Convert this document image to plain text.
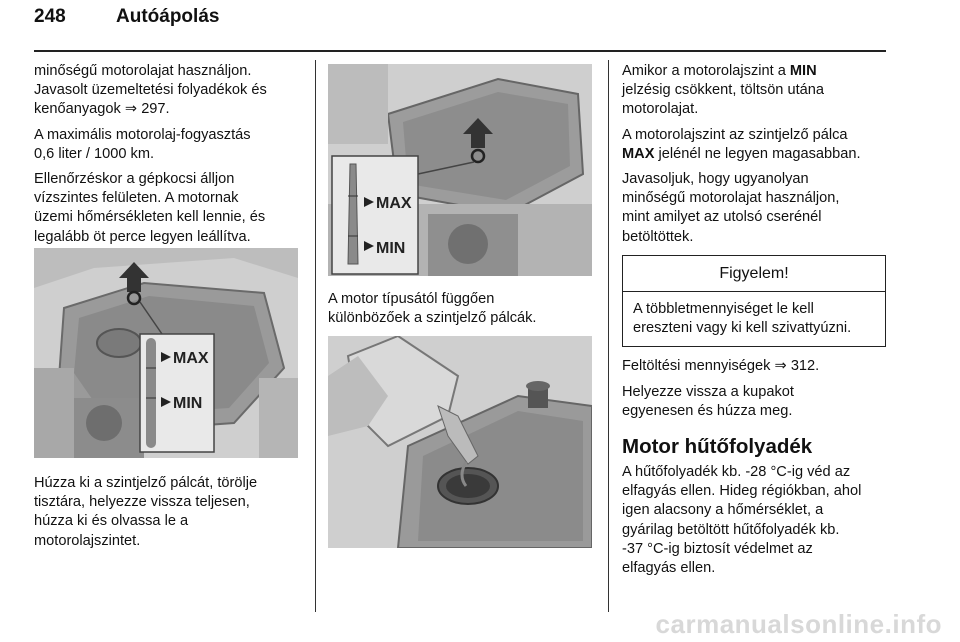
248	Autóápolás

minőségű motorolajat használjon.
Javasolt üzemeltetési folyadékok és
kenőanyagok ⇒ 297.

A maximális motorolaj-fogyasztás
0,6 liter / 1000 km.

Ellenőrzéskor a gépkocsi álljon
vízszintes felületen. A motornak
üzemi hőmérsékleten kell lennie, és
legalább öt perce legyen leállítva.

MAX
MIN

Húzza ki a szintjelző pálcát, törölje
tisztára, helyezze vissza teljesen,
húzza ki és olvassa le a
motorolajszintet.

MAX
MIN

A motor típusától függően
különbözőek a szintjelző pálcák.

Amikor a motorolajszint a MIN
jelzésig csökkent, töltsön utána
motorolajat.

A motorolajszint az szintjelző pálca
MAX jelénél ne legyen magasabban.

Javasoljuk, hogy ugyanolyan
minőségű motorolajat használjon,
mint amilyet az utolsó cserénél
betöltöttek.

Figyelem!
A többletmennyiséget le kell
ereszteni vagy ki kell szivattyúzni.

Feltöltési mennyiségek ⇒ 312.

Helyezze vissza a kupakot
egyenesen és húzza meg.

Motor hűtőfolyadék

A hűtőfolyadék kb. -28 °C-ig véd az
elfagyás ellen. Hideg régiókban, ahol
igen alacsony a hőmérséklet, a
gyárilag betöltött hűtőfolyadék kb.
-37 °C-ig biztosít védelmet az
elfagyás ellen.

carmanualsonline.info
